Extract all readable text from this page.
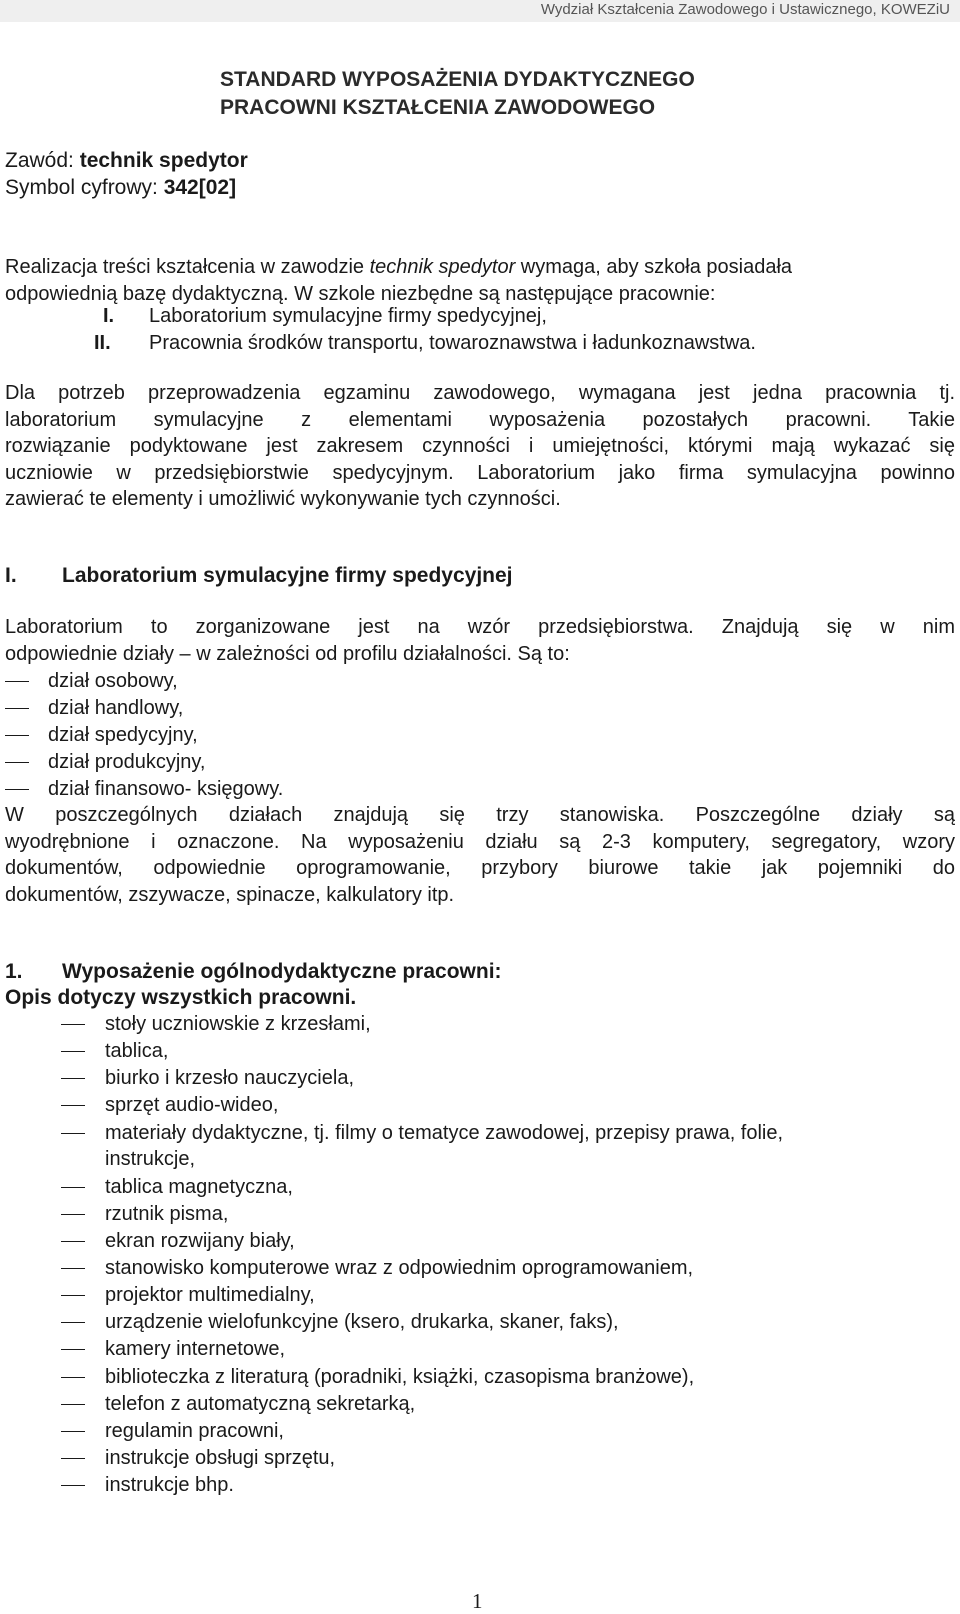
Wydział Kształcenia Zawodowego i Ustawicznego, KOWEZiU
STANDARD WYPOSAŻENIA DYDAKTYCZNEGO
PRACOWNI KSZTAŁCENIA ZAWODOWEGO
Zawód: technik spedytor
Symbol cyfrowy: 342[02]
Realizacja treści kształcenia w zawodzie technik spedytor wymaga, aby szkoła posiadała
odpowiednią bazę dydaktyczną. W szkole niezbędne są następujące pracownie:
I. Laboratorium symulacyjne firmy spedycyjnej,
II. Pracownia środków transportu, towaroznawstwa i ładunkoznawstwa.
Dla potrzeb przeprowadzenia egzaminu zawodowego, wymagana jest jedna pracownia tj.
laboratorium symulacyjne z elementami wyposażenia pozostałych pracowni. Takie
rozwiązanie podyktowane jest zakresem czynności i umiejętności, którymi mają wykazać się
uczniowie w przedsiębiorstwie spedycyjnym. Laboratorium jako firma symulacyjna powinno
zawierać te elementy i umożliwić wykonywanie tych czynności.
I. Laboratorium symulacyjne firmy spedycyjnej
Laboratorium to zorganizowane jest na wzór przedsiębiorstwa. Znajdują się w nim
odpowiednie działy – w zależności od profilu działalności. Są to:
dział osobowy,
dział handlowy,
dział spedycyjny,
dział produkcyjny,
dział finansowo- księgowy.
W poszczególnych działach znajdują się trzy stanowiska. Poszczególne działy są
wyodrębnione i oznaczone. Na wyposażeniu działu są 2-3 komputery, segregatory, wzory
dokumentów, odpowiednie oprogramowanie, przybory biurowe takie jak pojemniki do
dokumentów, zszywacze, spinacze, kalkulatory itp.
1. Wyposażenie ogólnodydaktyczne pracowni:
Opis dotyczy wszystkich pracowni.
stoły uczniowskie z krzesłami,
tablica,
biurko i krzesło nauczyciela,
sprzęt audio-wideo,
materiały dydaktyczne, tj. filmy o tematyce zawodowej, przepisy prawa, folie,
instrukcje,
tablica magnetyczna,
rzutnik pisma,
ekran rozwijany biały,
stanowisko komputerowe wraz z odpowiednim oprogramowaniem,
projektor multimedialny,
urządzenie wielofunkcyjne (ksero, drukarka, skaner, faks),
kamery internetowe,
biblioteczka z literaturą (poradniki, książki, czasopisma branżowe),
telefon z automatyczną sekretarką,
regulamin pracowni,
instrukcje obsługi sprzętu,
instrukcje bhp.
1
